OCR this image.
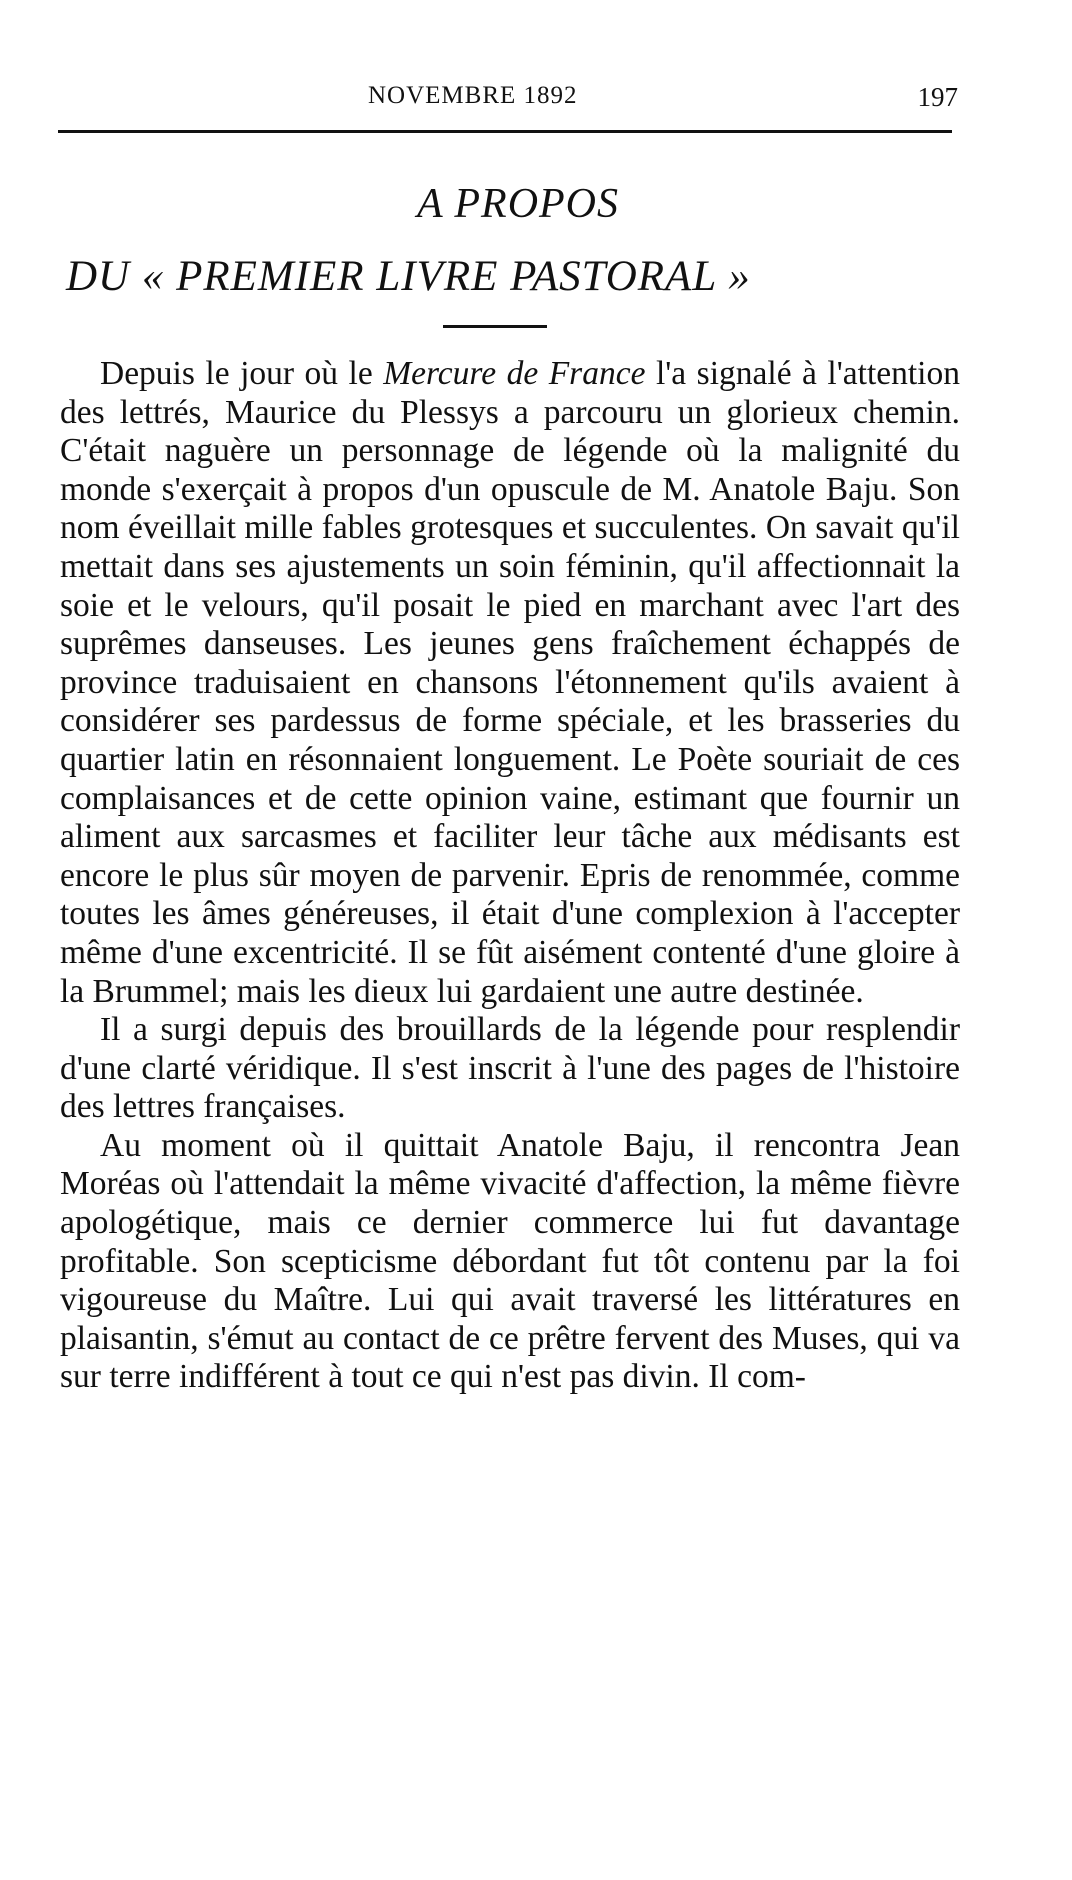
NOVEMBRE 1892	197
A PROPOS
DU « PREMIER LIVRE PASTORAL »

Depuis le jour où le Mercure de France l'a signalé à l'attention des lettrés, Maurice du Plessys a parcouru un glorieux chemin. C'était naguère un personnage de légende où la malignité du monde s'exerçait à propos d'un opuscule de M. Anatole Baju. Son nom éveillait mille fables grotesques et succulentes. On savait qu'il mettait dans ses ajustements un soin féminin, qu'il affectionnait la soie et le velours, qu'il posait le pied en marchant avec l'art des suprêmes danseuses. Les jeunes gens fraîchement échappés de province traduisaient en chansons l'étonnement qu'ils avaient à considérer ses pardessus de forme spéciale, et les brasseries du quartier latin en résonnaient longuement. Le Poète souriait de ces complaisances et de cette opinion vaine, estimant que fournir un aliment aux sarcasmes et faciliter leur tâche aux médisants est encore le plus sûr moyen de parvenir. Epris de renommée, comme toutes les âmes généreuses, il était d'une complexion à l'accepter même d'une excentricité. Il se fût aisément contenté d'une gloire à la Brummel; mais les dieux lui gardaient une autre destinée.

Il a surgi depuis des brouillards de la légende pour resplendir d'une clarté véridique. Il s'est inscrit à l'une des pages de l'histoire des lettres françaises.

Au moment où il quittait Anatole Baju, il rencontra Jean Moréas où l'attendait la même vivacité d'affection, la même fièvre apologétique, mais ce dernier commerce lui fut davantage profitable. Son scepticisme débordant fut tôt contenu par la foi vigoureuse du Maître. Lui qui avait traversé les littératures en plaisantin, s'émut au contact de ce prêtre fervent des Muses, qui va sur terre indifférent à tout ce qui n'est pas divin. Il com-
